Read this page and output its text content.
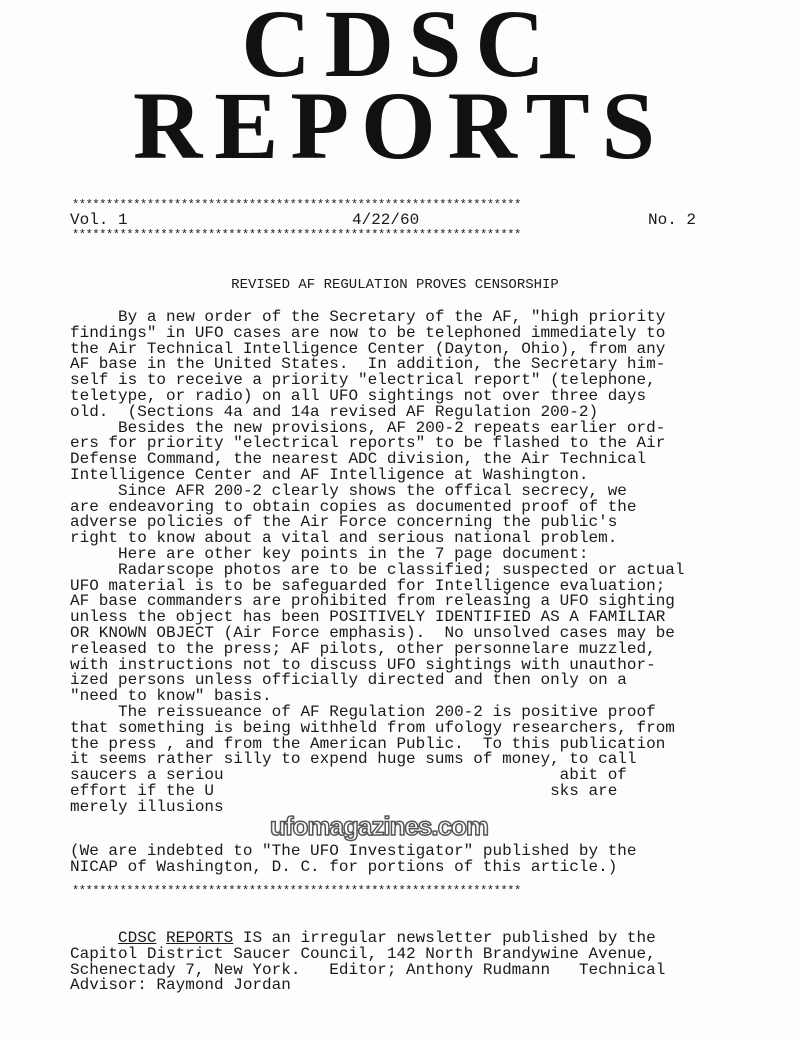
CDSC
REPORTS
******************************************************************
Vol. 1	4/22/60	No. 2
******************************************************************
REVISED AF REGULATION PROVES CENSORSHIP
By a new order of the Secretary of the AF, "high priority
findings" in UFO cases are now to be telephoned immediately to
the Air Technical Intelligence Center (Dayton, Ohio), from any
AF base in the United States.  In addition, the Secretary him-
self is to receive a priority "electrical report" (telephone,
teletype, or radio) on all UFO sightings not over three days
old.  (Sections 4a and 14a revised AF Regulation 200-2)
Besides the new provisions, AF 200-2 repeats earlier ord-
ers for priority "electrical reports" to be flashed to the Air
Defense Command, the nearest ADC division, the Air Technical
Intelligence Center and AF Intelligence at Washington.
Since AFR 200-2 clearly shows the offical secrecy, we
are endeavoring to obtain copies as documented proof of the
adverse policies of the Air Force concerning the public's
right to know about a vital and serious national problem.
Here are other key points in the 7 page document:
Radarscope photos are to be classified; suspected or actual
UFO material is to be safeguarded for Intelligence evaluation;
AF base commanders are prohibited from releasing a UFO sighting
unless the object has been POSITIVELY IDENTIFIED AS A FAMILIAR
OR KNOWN OBJECT (Air Force emphasis).  No unsolved cases may be
released to the press; AF pilots, other personnelare muzzled,
with instructions not to discuss UFO sightings with unauthor-
ized persons unless officially directed and then only on a
"need to know" basis.
The reissueance of AF Regulation 200-2 is positive proof
that something is being withheld from ufology researchers, from
the press , and from the American Public.  To this publication
it seems rather silly to expend huge sums of money, to call
saucers a seriou                                   abit of
effort if the U                                   sks are
merely illusions
ufomagazines.com
(We are indebted to "The UFO Investigator" published by the
NICAP of Washington, D. C. for portions of this article.)
******************************************************************
CDSC REPORTS IS an irregular newsletter published by the
Capitol District Saucer Council, 142 North Brandywine Avenue,
Schenectady 7, New York.   Editor; Anthony Rudmann   Technical
Advisor: Raymond Jordan
